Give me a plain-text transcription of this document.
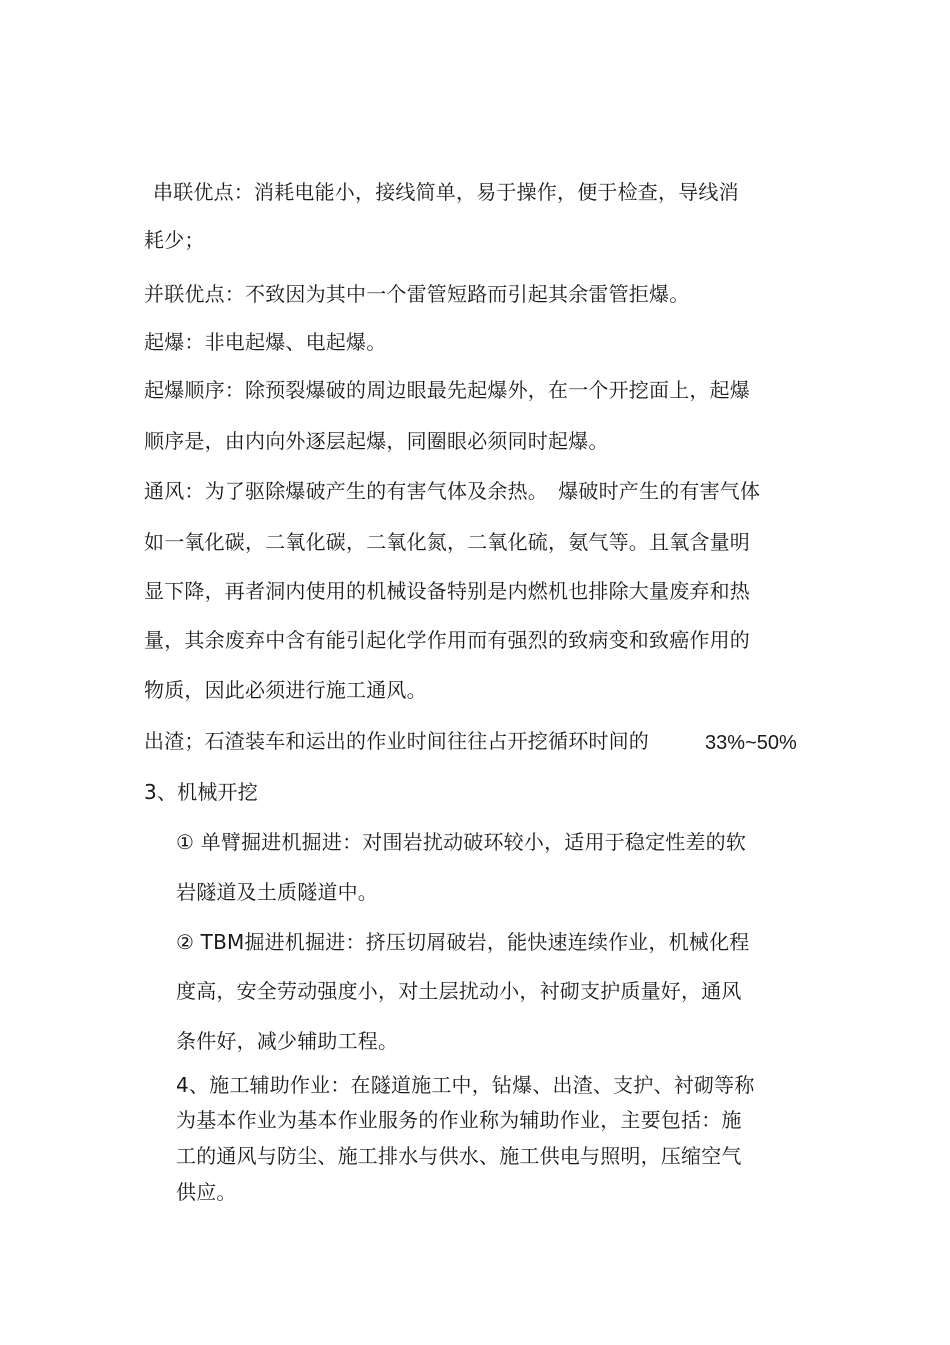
串联优点：消耗电能小，接线简单，易于操作，便于检查，导线消
耗少；
并联优点：不致因为其中一个雷管短路而引起其余雷管拒爆。
起爆：非电起爆、电起爆。
起爆顺序：除预裂爆破的周边眼最先起爆外，在一个开挖面上，起爆
顺序是，由内向外逐层起爆，同圈眼必须同时起爆。
通风：为了驱除爆破产生的有害气体及余热。　爆破时产生的有害气体
如一氧化碳，二氧化碳，二氧化氮，二氧化硫，氨气等。且氧含量明
显下降，再者洞内使用的机械设备特别是内燃机也排除大量废弃和热
量，其余废弃中含有能引起化学作用而有强烈的致病变和致癌作用的
物质，因此必须进行施工通风。
出渣；石渣装车和运出的作业时间往往占开挖循环时间的	33%~50%
3、机械开挖
① 单臂掘进机掘进：对围岩扰动破环较小，适用于稳定性差的软
岩隧道及土质隧道中。
② TBM掘进机掘进：挤压切屑破岩，能快速连续作业，机械化程
度高，安全劳动强度小，对土层扰动小，衬砌支护质量好，通风
条件好，减少辅助工程。
4、施工辅助作业：在隧道施工中，钻爆、出渣、支护、衬砌等称
为基本作业为基本作业服务的作业称为辅助作业，主要包括：施
工的通风与防尘、施工排水与供水、施工供电与照明，压缩空气
供应。
